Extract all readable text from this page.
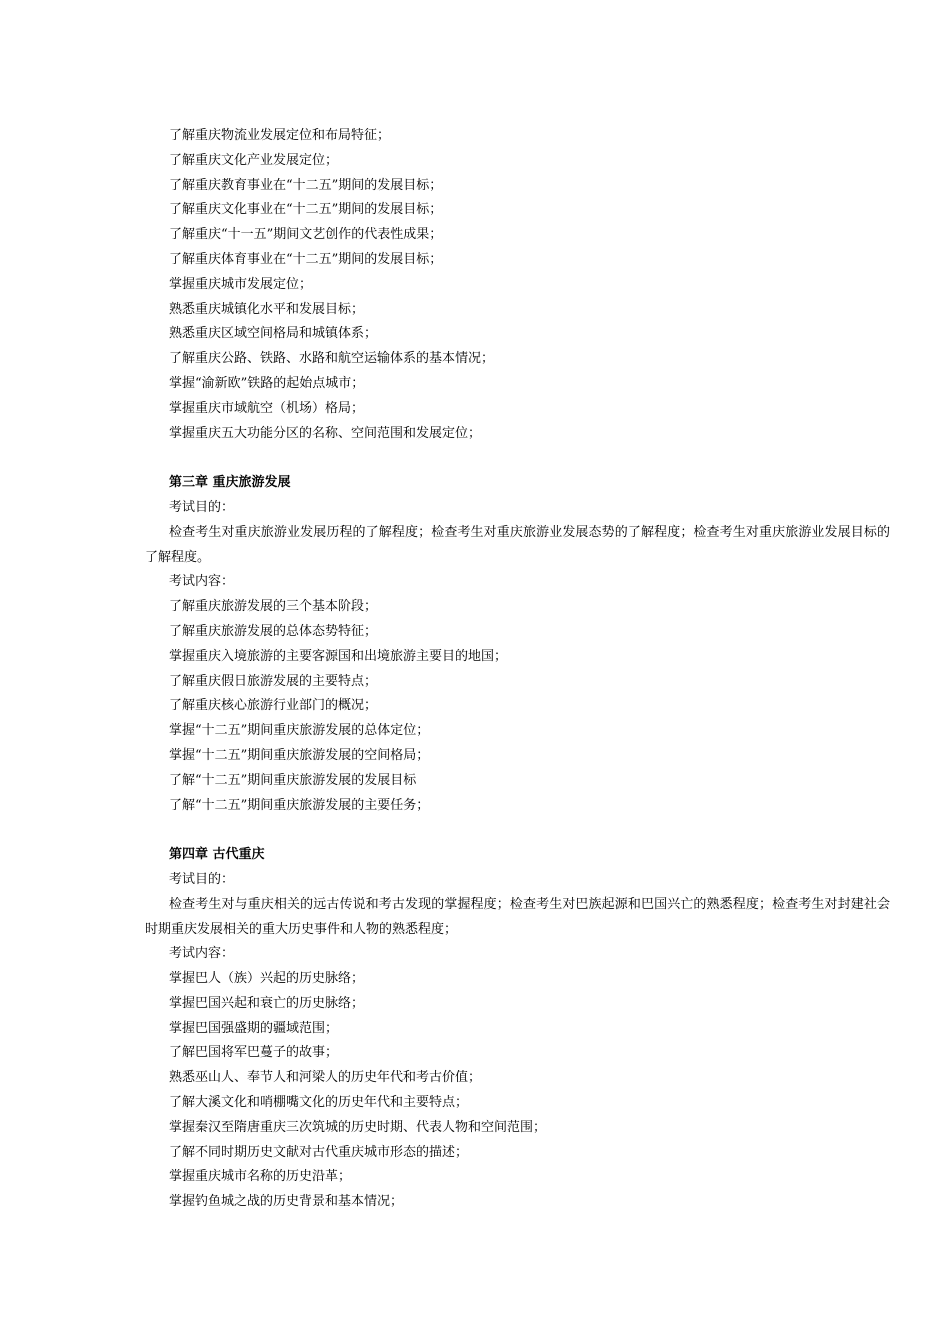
了解重庆物流业发展定位和布局特征；
了解重庆文化产业发展定位；
了解重庆教育事业在“十二五”期间的发展目标；
了解重庆文化事业在“十二五”期间的发展目标；
了解重庆“十一五”期间文艺创作的代表性成果；
了解重庆体育事业在“十二五”期间的发展目标；
掌握重庆城市发展定位；
熟悉重庆城镇化水平和发展目标；
熟悉重庆区域空间格局和城镇体系；
了解重庆公路、铁路、水路和航空运输体系的基本情况；
掌握“渝新欧”铁路的起始点城市；
掌握重庆市域航空（机场）格局；
掌握重庆五大功能分区的名称、空间范围和发展定位；
第三章 重庆旅游发展
考试目的：
检查考生对重庆旅游业发展历程的了解程度；检查考生对重庆旅游业发展态势的了解程度；检查考生对重庆旅游业发展目标的了解程度。
考试内容：
了解重庆旅游发展的三个基本阶段；
了解重庆旅游发展的总体态势特征；
掌握重庆入境旅游的主要客源国和出境旅游主要目的地国；
了解重庆假日旅游发展的主要特点；
了解重庆核心旅游行业部门的概况；
掌握“十二五”期间重庆旅游发展的总体定位；
掌握“十二五”期间重庆旅游发展的空间格局；
了解“十二五”期间重庆旅游发展的发展目标
了解“十二五”期间重庆旅游发展的主要任务；
第四章 古代重庆
考试目的：
检查考生对与重庆相关的远古传说和考古发现的掌握程度；检查考生对巴族起源和巴国兴亡的熟悉程度；检查考生对封建社会时期重庆发展相关的重大历史事件和人物的熟悉程度；
考试内容：
掌握巴人（族）兴起的历史脉络；
掌握巴国兴起和衰亡的历史脉络；
掌握巴国强盛期的疆域范围；
了解巴国将军巴蔓子的故事；
熟悉巫山人、奉节人和河梁人的历史年代和考古价值；
了解大溪文化和哨棚嘴文化的历史年代和主要特点；
掌握秦汉至隋唐重庆三次筑城的历史时期、代表人物和空间范围；
了解不同时期历史文献对古代重庆城市形态的描述；
掌握重庆城市名称的历史沿革；
掌握钓鱼城之战的历史背景和基本情况；
